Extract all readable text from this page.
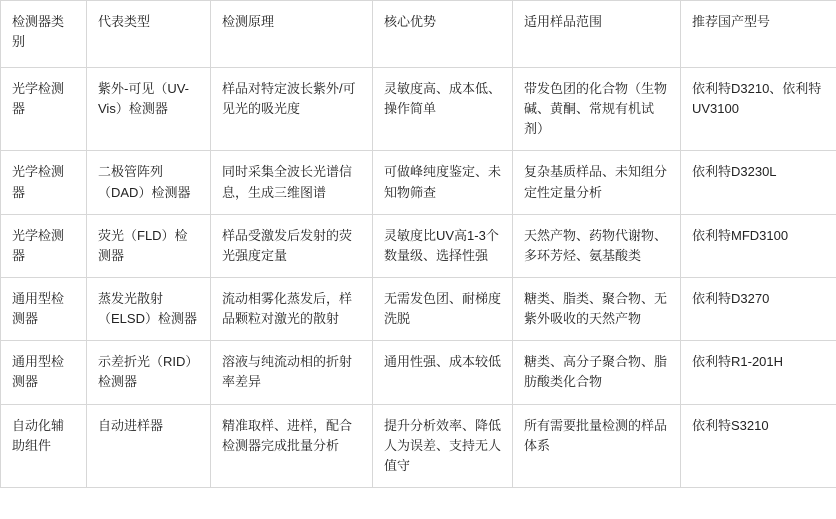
检测器类别	代表类型	检测原理	核心优势	适用样品范围	推荐国产型号
光学检测器	紫外-可见（UV-Vis）检测器	样品对特定波长紫外/可见光的吸光度	灵敏度高、成本低、操作简单	带发色团的化合物（生物碱、黄酮、常规有机试剂）	依利特D3210、依利特UV3100
光学检测器	二极管阵列（DAD）检测器	同时采集全波长光谱信息，生成三维图谱	可做峰纯度鉴定、未知物筛查	复杂基质样品、未知组分定性定量分析	依利特D3230L
光学检测器	荧光（FLD）检测器	样品受激发后发射的荧光强度定量	灵敏度比UV高1-3个数量级、选择性强	天然产物、药物代谢物、多环芳烃、氨基酸类	依利特MFD3100
通用型检测器	蒸发光散射（ELSD）检测器	流动相雾化蒸发后，样品颗粒对激光的散射	无需发色团、耐梯度洗脱	糖类、脂类、聚合物、无紫外吸收的天然产物	依利特D3270
通用型检测器	示差折光（RID）检测器	溶液与纯流动相的折射率差异	通用性强、成本较低	糖类、高分子聚合物、脂肪酸类化合物	依利特R1-201H
自动化辅助组件	自动进样器	精准取样、进样，配合检测器完成批量分析	提升分析效率、降低人为误差、支持无人值守	所有需要批量检测的样品体系	依利特S3210
